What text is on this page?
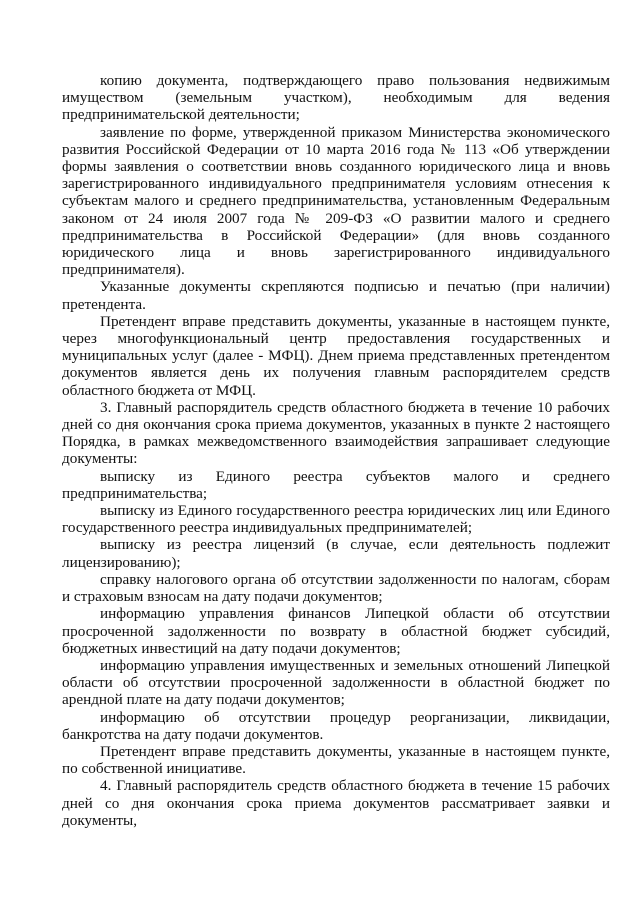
копию документа, подтверждающего право пользования недвижимым имуществом (земельным участком), необходимым для ведения предпринимательской деятельности;

заявление по форме, утвержденной приказом Министерства экономического развития Российской Федерации от 10 марта 2016 года № 113 «Об утверждении формы заявления о соответствии вновь созданного юридического лица и вновь зарегистрированного индивидуального предпринимателя условиям отнесения к субъектам малого и среднего предпринимательства, установленным Федеральным законом от 24 июля 2007 года № 209-ФЗ «О развитии малого и среднего предпринимательства в Российской Федерации» (для вновь созданного юридического лица и вновь зарегистрированного индивидуального предпринимателя).

Указанные документы скрепляются подписью и печатью (при наличии) претендента.

Претендент вправе представить документы, указанные в настоящем пункте, через многофункциональный центр предоставления государственных и муниципальных услуг (далее - МФЦ). Днем приема представленных претендентом документов является день их получения главным распорядителем средств областного бюджета от МФЦ.

3. Главный распорядитель средств областного бюджета в течение 10 рабочих дней со дня окончания срока приема документов, указанных в пункте 2 настоящего Порядка, в рамках межведомственного взаимодействия запрашивает следующие документы:

выписку из Единого реестра субъектов малого и среднего предпринимательства;

выписку из Единого государственного реестра юридических лиц или Единого государственного реестра индивидуальных предпринимателей;

выписку из реестра лицензий (в случае, если деятельность подлежит лицензированию);

справку налогового органа об отсутствии задолженности по налогам, сборам и страховым взносам на дату подачи документов;

информацию управления финансов Липецкой области об отсутствии просроченной задолженности по возврату в областной бюджет субсидий, бюджетных инвестиций на дату подачи документов;

информацию управления имущественных и земельных отношений Липецкой области об отсутствии просроченной задолженности в областной бюджет по арендной плате на дату подачи документов;

информацию об отсутствии процедур реорганизации, ликвидации, банкротства на дату подачи документов.

Претендент вправе представить документы, указанные в настоящем пункте, по собственной инициативе.

4. Главный распорядитель средств областного бюджета в течение 15 рабочих дней со дня окончания срока приема документов рассматривает заявки и документы,
